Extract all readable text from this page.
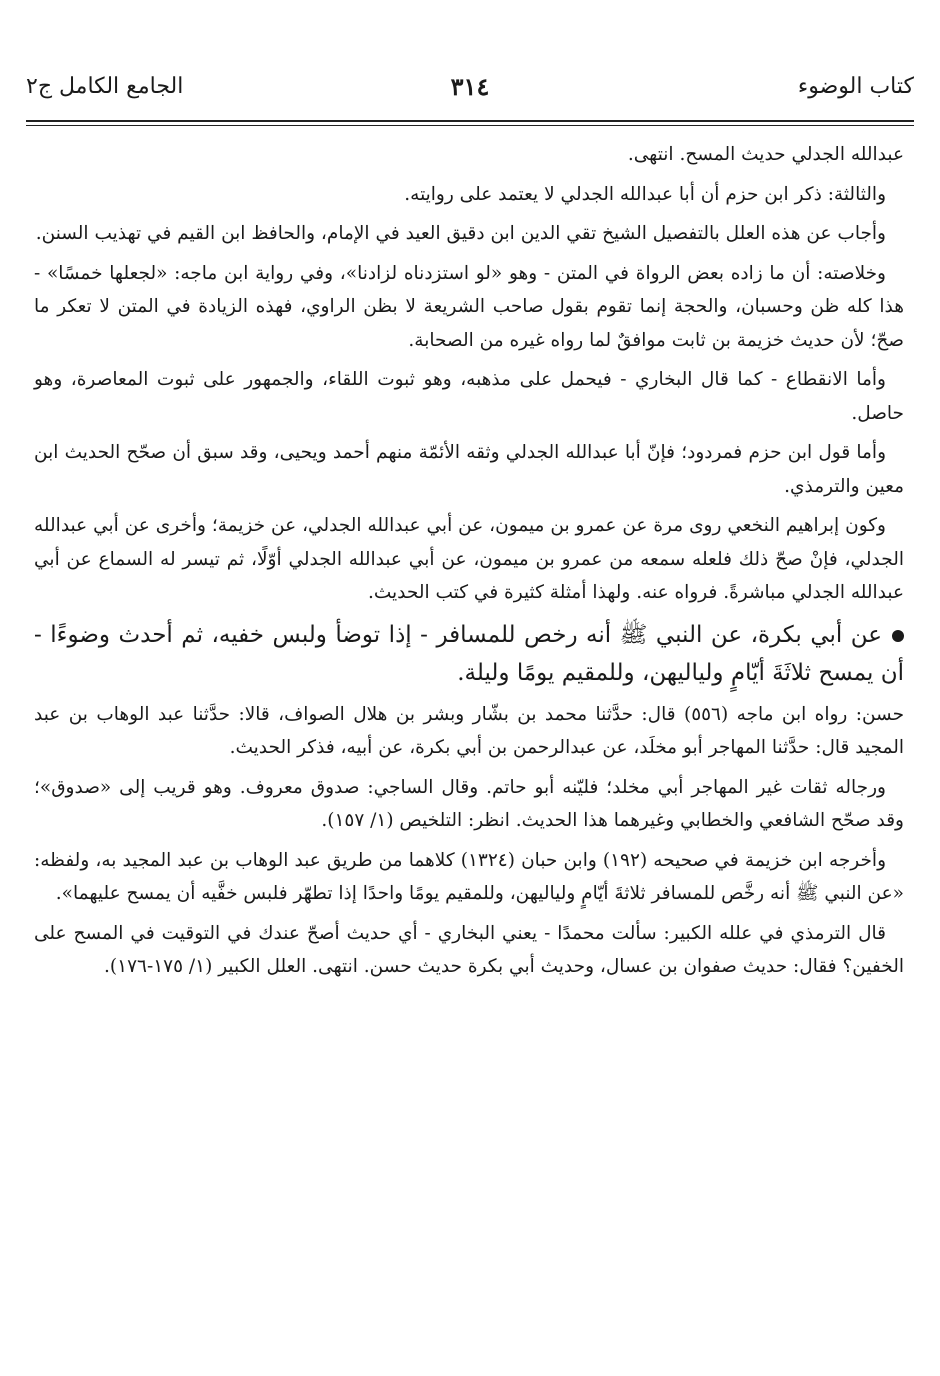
كتاب الوضوء
٣١٤
الجامع الكامل ج٢

عبدالله الجدلي حديث المسح. انتهى.

والثالثة: ذكر ابن حزم أن أبا عبدالله الجدلي لا يعتمد على روايته.

وأجاب عن هذه العلل بالتفصيل الشيخ تقي الدين ابن دقيق العيد في الإمام، والحافظ ابن القيم في تهذيب السنن.

وخلاصته: أن ما زاده بعض الرواة في المتن - وهو «لو استزدناه لزادنا»، وفي رواية ابن ماجه: «لجعلها خمسًا» - هذا كله ظن وحسبان، والحجة إنما تقوم بقول صاحب الشريعة لا بظن الراوي، فهذه الزيادة في المتن لا تعكر ما صحّ؛ لأن حديث خزيمة بن ثابت موافقٌ لما رواه غيره من الصحابة.

وأما الانقطاع - كما قال البخاري - فيحمل على مذهبه، وهو ثبوت اللقاء، والجمهور على ثبوت المعاصرة، وهو حاصل.

وأما قول ابن حزم فمردود؛ فإنّ أبا عبدالله الجدلي وثقه الأئمّة منهم أحمد ويحيى، وقد سبق أن صحّح الحديث ابن معين والترمذي.

وكون إبراهيم النخعي روى مرة عن عمرو بن ميمون، عن أبي عبدالله الجدلي، عن خزيمة؛ وأخرى عن أبي عبدالله الجدلي، فإنْ صحّ ذلك فلعله سمعه من عمرو بن ميمون، عن أبي عبدالله الجدلي أوّلًا، ثم تيسر له السماع عن أبي عبدالله الجدلي مباشرةً. فرواه عنه. ولهذا أمثلة كثيرة في كتب الحديث.

عن أبي بكرة، عن النبي ﷺ أنه رخص للمسافر - إذا توضأ ولبس خفيه، ثم أحدث وضوءًا - أن يمسح ثلاثَةَ أيّامٍ ولياليهن، وللمقيم يومًا وليلة.

حسن: رواه ابن ماجه (٥٥٦) قال: حدَّثنا محمد بن بشّار وبشر بن هلال الصواف، قالا: حدَّثنا عبد الوهاب بن عبد المجيد قال: حدَّثنا المهاجر أبو مخلَد، عن عبدالرحمن بن أبي بكرة، عن أبيه، فذكر الحديث.

ورجاله ثقات غير المهاجر أبي مخلد؛ فليّنه أبو حاتم. وقال الساجي: صدوق معروف. وهو قريب إلى «صدوق»؛ وقد صحّح الشافعي والخطابي وغيرهما هذا الحديث. انظر: التلخيص (١/ ١٥٧).

وأخرجه ابن خزيمة في صحيحه (١٩٢) وابن حبان (١٣٢٤) كلاهما من طريق عبد الوهاب بن عبد المجيد به، ولفظه: «عن النبي ﷺ أنه رخَّص للمسافر ثلاثةَ أيّامٍ ولياليهن، وللمقيم يومًا واحدًا إذا تطهّر فلبس خفَّيه أن يمسح عليهما».

قال الترمذي في علله الكبير: سألت محمدًا - يعني البخاري - أي حديث أصحّ عندك في التوقيت في المسح على الخفين؟ فقال: حديث صفوان بن عسال، وحديث أبي بكرة حديث حسن. انتهى. العلل الكبير (١/ ١٧٥-١٧٦).
